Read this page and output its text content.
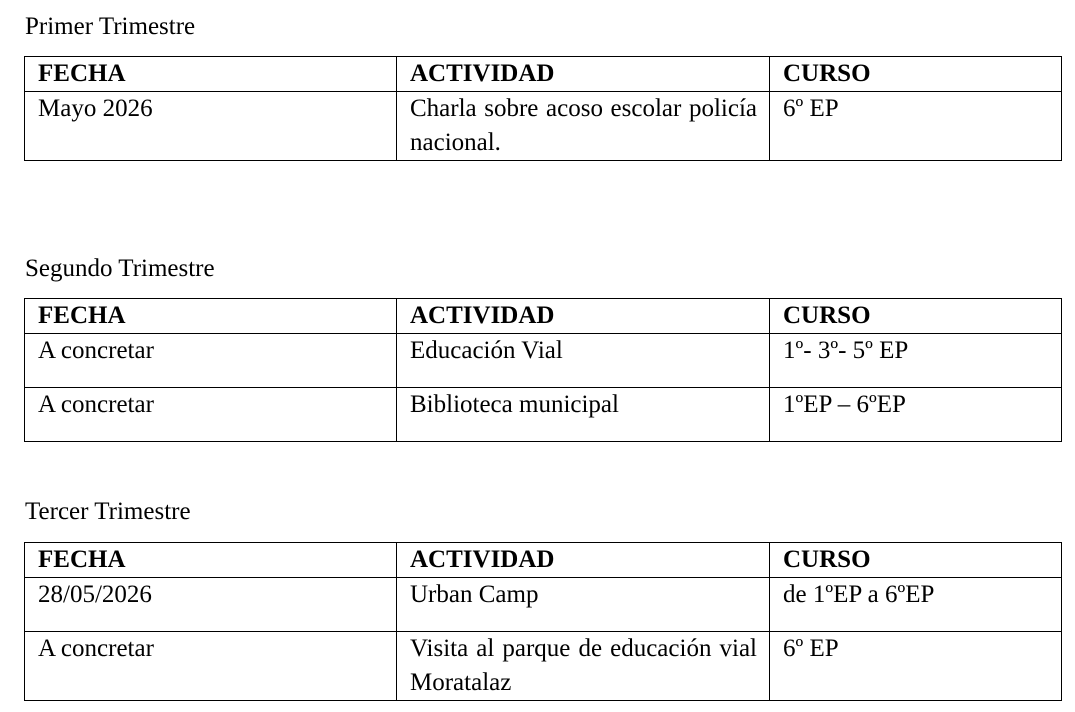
Primer Trimestre
FECHA	ACTIVIDAD	CURSO
Mayo 2026	Charla sobre acoso escolar policía nacional.	6º EP
Segundo Trimestre
FECHA	ACTIVIDAD	CURSO
A concretar	Educación Vial	1º- 3º- 5º EP
A concretar	Biblioteca municipal	1ºEP – 6ºEP
Tercer Trimestre
FECHA	ACTIVIDAD	CURSO
28/05/2026	Urban Camp	de 1ºEP a 6ºEP
A concretar	Visita al parque de educación vial Moratalaz	6º EP
